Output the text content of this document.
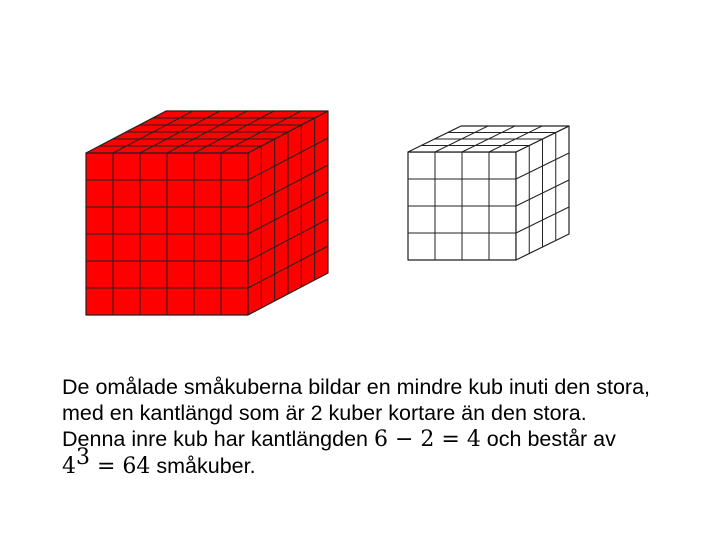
De omålade småkuberna bildar en mindre kub inuti den stora,
med en kantlängd som är 2 kuber kortare än den stora.
Denna inre kub har kantlängden 6 − 2 = 4 och består av
$4^3 = 64$ småkuber.
